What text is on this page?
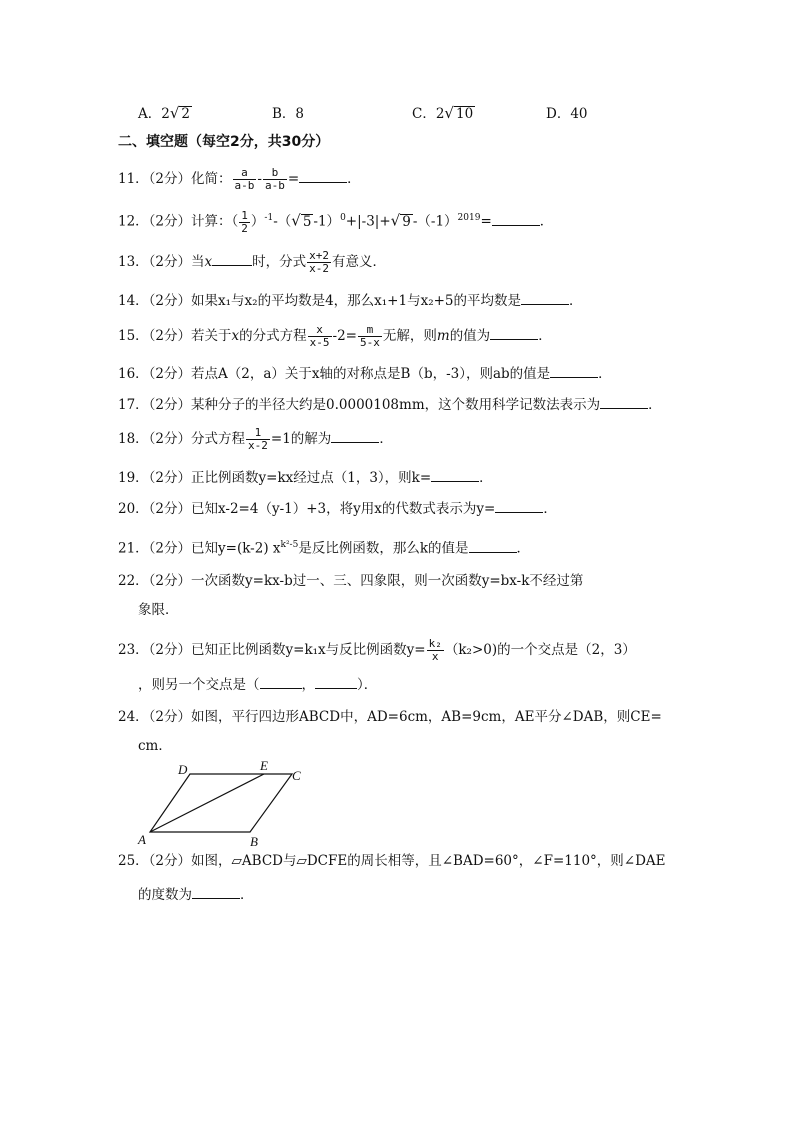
A．2√ 2	B．8	C．2√ 10	D．40
二、填空题（每空2分，共30分）
11．（2分）化简： $\frac{a}{a-b} - \frac{b}{a-b}$ =	．
12．（2分）计算：（ $\frac{1}{2} )^{-1}-(√$ 5 -1）$^0$+|-3|+√ 9 $-(-1)^{2019}=$	．
13．（2分）当x	时，分式 $\frac{x+2}{x-2}$ 有意义．
14．（2分）如果x₁与x₂的平均数是4，那么x₁+1与x₂+5的平均数是	．
15．（2分）若关于x的分式方程 $\frac{x}{x-5} -2= \frac{m}{5-x}$ 无解，则m的值为	．
16．（2分）若点A（2，a）关于x轴的对称点是B（b，-3），则ab的值是	．
17．（2分）某种分子的半径大约是0.0000108mm，这个数用科学记数法表示为	．
18．（2分）分式方程 $\frac{1}{x-2} =1$的解为	．
19．（2分）正比例函数y=kx经过点（1，3），则k=	．
20．（2分）已知x-2=4（y-1）+3，将y用x的代数式表示为y=	．
21．（2分）已知y=(k-2) $x^{k^2-5}$是反比例函数，那么k的值是	．
22．（2分）一次函数y=kx-b过一、三、四象限，则一次函数y=bx-k不经过第
象限．
23．（2分）已知正比例函数y=k₁x与反比例函数$y= \frac{\text{k₂}}{x} (k_2>0)$的一个交点是（2，3）
，则另一个交点是（	，	）．
24．（2分）如图，平行四边形ABCD中，AD=6cm，AB=9cm，AE平分∠DAB，则CE=
cm．
A	B
C
D	E
25．（2分）如图，▱ABCD与▱DCFE的周长相等，且∠BAD=60°，∠F=110°，则∠DAE
的度数为	．
